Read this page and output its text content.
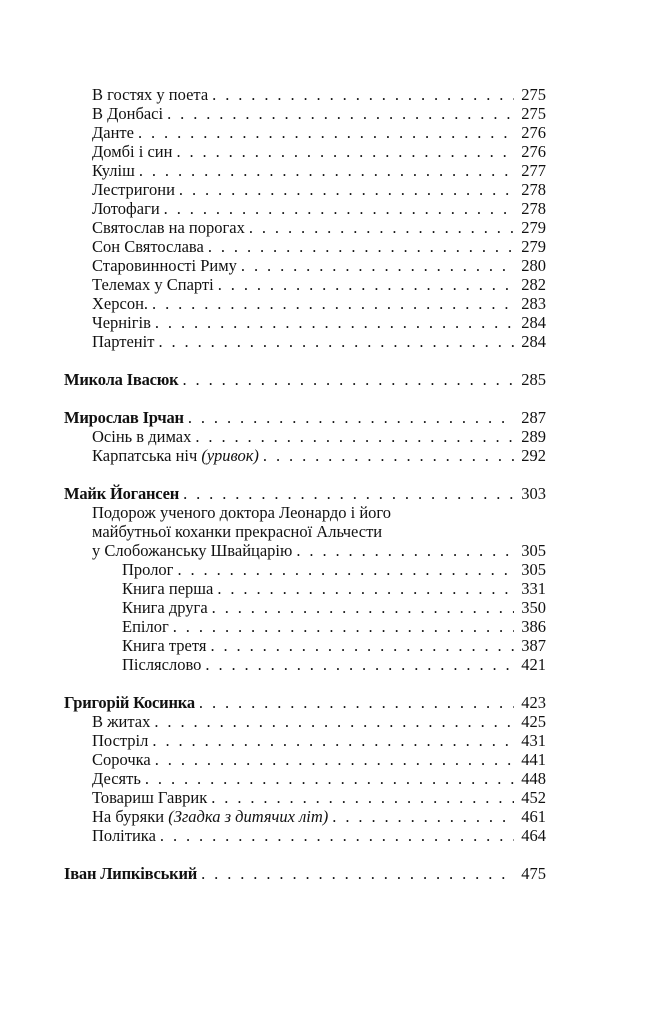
В гостях у поета . . .	275
В Донбасі . . .	275
Данте . . .	276
Домбі і син . . .	276
Куліш . . .	277
Лестригони . . .	278
Лотофаги . . .	278
Святослав на порогах . . .	279
Сон Святослава . . .	279
Старовинності Риму . . .	280
Телемах у Спарті . . .	282
Херсон. . . .	283
Чернігів . . .	284
Партеніт . . .	284
Микола Івасюк . . .	285
Мирослав Ірчан . . .	287
Осінь в димах . . .	289
Карпатська ніч (уривок) . . .	292
Майк Йогансен . . .	303
Подорож ученого доктора Леонардо і його
майбутньої коханки прекрасної Альчести
у Слобожанську Швайцарію . . .	305
Пролог . . .	305
Книга перша . . .	331
Книга друга . . .	350
Епілог . . .	386
Книга третя . . .	387
Післяслово . . .	421
Григорій Косинка . . .	423
В житах . . .	425
Постріл . . .	431
Сорочка . . .	441
Десять . . .	448
Товариш Гаврик . . .	452
На буряки (Згадка з дитячих літ) . . .	461
Політика . . .	464
Іван Липківський . . .	475
